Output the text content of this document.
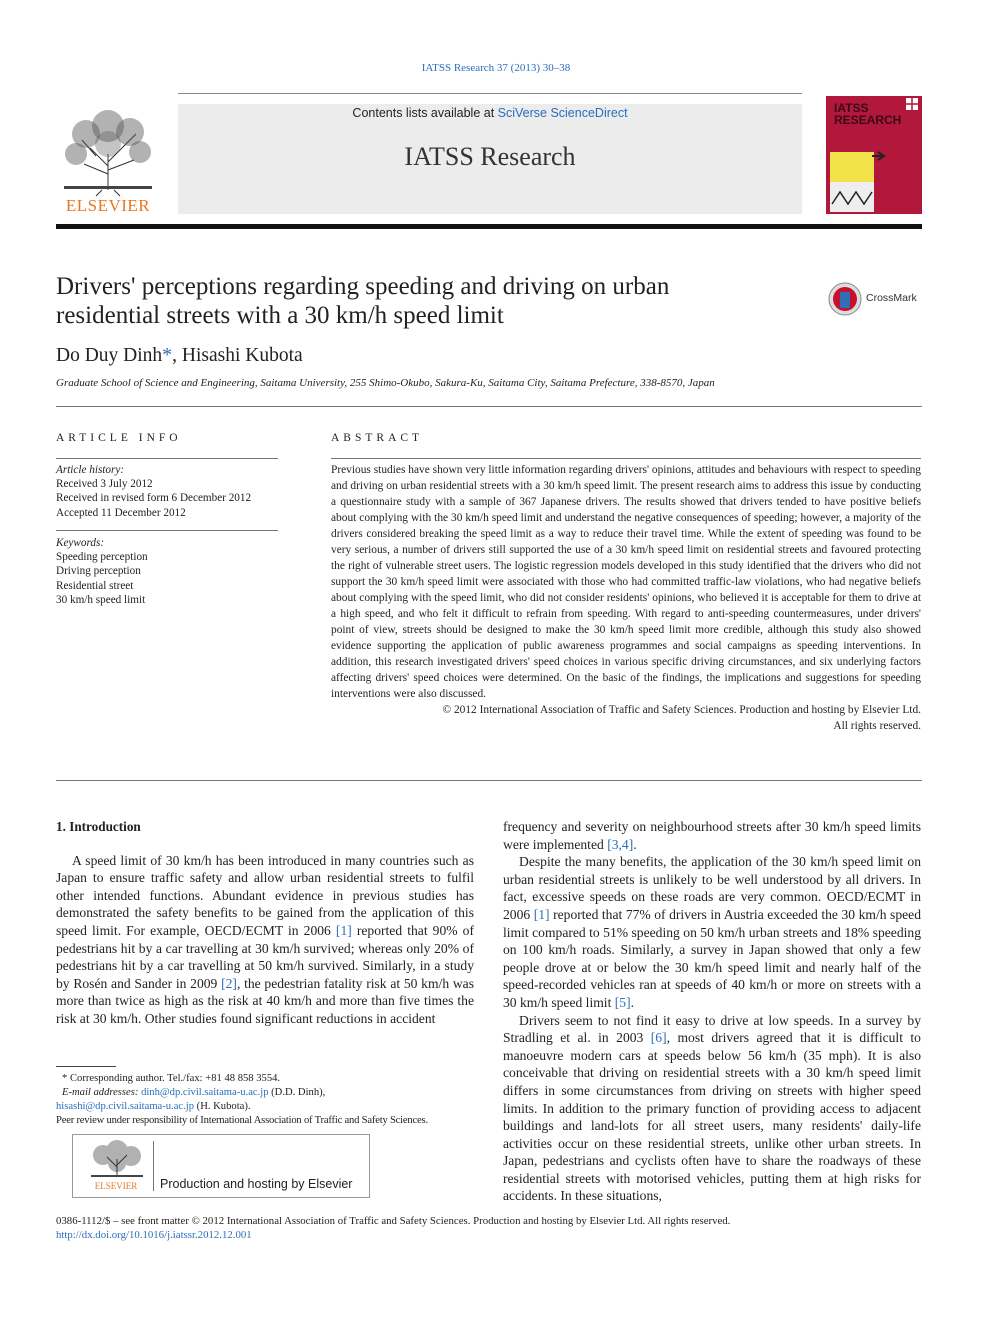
IATSS Research 37 (2013) 30–38
ELSEVIER
Contents lists available at SciVerse ScienceDirect
IATSS Research
IATSS RESEARCH
Drivers' perceptions regarding speeding and driving on urban
residential streets with a 30 km/h speed limit
CrossMark
Do Duy Dinh*, Hisashi Kubota
Graduate School of Science and Engineering, Saitama University, 255 Shimo-Okubo, Sakura-Ku, Saitama City, Saitama Prefecture, 338-8570, Japan
ARTICLE INFO
Article history:
Received 3 July 2012
Received in revised form 6 December 2012
Accepted 11 December 2012
Keywords:
Speeding perception
Driving perception
Residential street
30 km/h speed limit
ABSTRACT

Previous studies have shown very little information regarding drivers' opinions, attitudes and behaviours with respect to speeding and driving on urban residential streets with a 30 km/h speed limit. The present research aims to address this issue by conducting a questionnaire study with a sample of 367 Japanese drivers. The results showed that drivers tended to have positive beliefs about complying with the 30 km/h speed limit and understand the negative consequences of speeding; however, a majority of the drivers considered breaking the speed limit as a way to reduce their travel time. While the extent of speeding was found to be very serious, a number of drivers still supported the use of a 30 km/h speed limit on residential streets and favoured protecting the right of vulnerable street users. The logistic regression models developed in this study identified that the drivers who did not support the 30 km/h speed limit were associated with those who had committed traffic-law violations, who had negative beliefs about complying with the speed limit, who did not consider residents' opinions, who believed it is acceptable for them to drive at a high speed, and who felt it difficult to refrain from speeding. With regard to anti-speeding countermeasures, under drivers' point of view, streets should be designed to make the 30 km/h speed limit more credible, although this study also showed evidence supporting the application of public awareness programmes and social campaigns as speeding interventions. In addition, this research investigated drivers' speed choices in various specific driving circumstances, and six underlying factors affecting drivers' speed choices were determined. On the basic of the findings, the implications and suggestions for speeding interventions were also discussed.

© 2012 International Association of Traffic and Safety Sciences. Production and hosting by Elsevier Ltd.
All rights reserved.
1. Introduction

A speed limit of 30 km/h has been introduced in many countries such as Japan to ensure traffic safety and allow urban residential streets to fulfil other intended functions. Abundant evidence in previous studies has demonstrated the safety benefits to be gained from the application of this speed limit. For example, OECD/ECMT in 2006 [1] reported that 90% of pedestrians hit by a car travelling at 30 km/h survived; whereas only 20% of pedestrians hit by a car travelling at 50 km/h survived. Similarly, in a study by Rosén and Sander in 2009 [2], the pedestrian fatality risk at 50 km/h was more than twice as high as the risk at 40 km/h and more than five times the risk at 30 km/h. Other studies found significant reductions in accident

frequency and severity on neighbourhood streets after 30 km/h speed limits were implemented [3,4].

Despite the many benefits, the application of the 30 km/h speed limit on urban residential streets is unlikely to be well understood by all drivers. In fact, excessive speeds on these roads are very common. OECD/ECMT in 2006 [1] reported that 77% of drivers in Austria exceeded the 30 km/h speed limit compared to 51% speeding on 50 km/h urban streets and 18% speeding on 100 km/h roads. Similarly, a survey in Japan showed that only a few people drove at or below the 30 km/h speed limit and nearly half of the speed-recorded vehicles ran at speeds of 40 km/h or more on streets with a 30 km/h speed limit [5].

Drivers seem to not find it easy to drive at low speeds. In a survey by Stradling et al. in 2003 [6], most drivers agreed that it is difficult to manoeuvre modern cars at speeds below 56 km/h (35 mph). It is also conceivable that driving on residential streets with a 30 km/h speed limit differs in some circumstances from driving on streets with higher speed limits. In addition to the primary function of providing access to adjacent buildings and land-lots for all street users, many residents' daily-life activities occur on these residential streets, unlike other urban streets. In Japan, pedestrians and cyclists often have to share the roadways of these residential streets with motorised vehicles, putting them at high risks for accidents. In these situations,

* Corresponding author. Tel./fax: +81 48 858 3554.
E-mail addresses: dinh@dp.civil.saitama-u.ac.jp (D.D. Dinh),
hisashi@dp.civil.saitama-u.ac.jp (H. Kubota).
Peer review under responsibility of International Association of Traffic and Safety Sciences.
ELSEVIER Production and hosting by Elsevier
0386-1112/$ – see front matter © 2012 International Association of Traffic and Safety Sciences. Production and hosting by Elsevier Ltd. All rights reserved.
http://dx.doi.org/10.1016/j.iatssr.2012.12.001
